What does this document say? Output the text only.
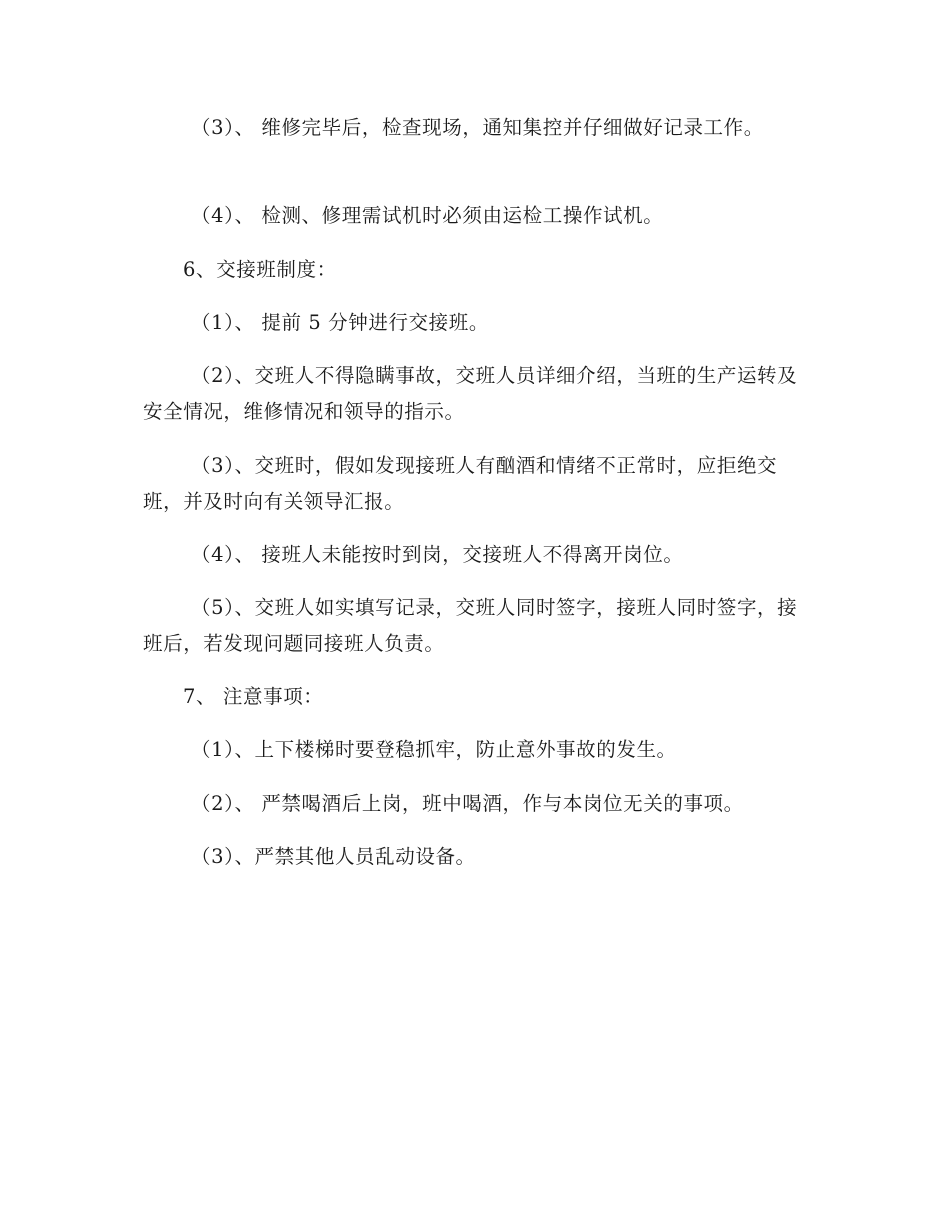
（3）、 维修完毕后，检查现场，通知集控并仔细做好记录工作。

（4）、 检测、修理需试机时必须由运检工操作试机。

6、交接班制度：

（1）、 提前 5 分钟进行交接班。

（2）、交班人不得隐瞒事故，交班人员详细介绍，当班的生产运转及安全情况，维修情况和领导的指示。

（3）、交班时，假如发现接班人有酗酒和情绪不正常时，应拒绝交班，并及时向有关领导汇报。

（4）、 接班人未能按时到岗，交接班人不得离开岗位。

（5）、交班人如实填写记录，交班人同时签字，接班人同时签字，接班后，若发现问题同接班人负责。

7、 注意事项：

（1）、上下楼梯时要登稳抓牢，防止意外事故的发生。

（2）、 严禁喝酒后上岗，班中喝酒，作与本岗位无关的事项。

（3）、严禁其他人员乱动设备。
